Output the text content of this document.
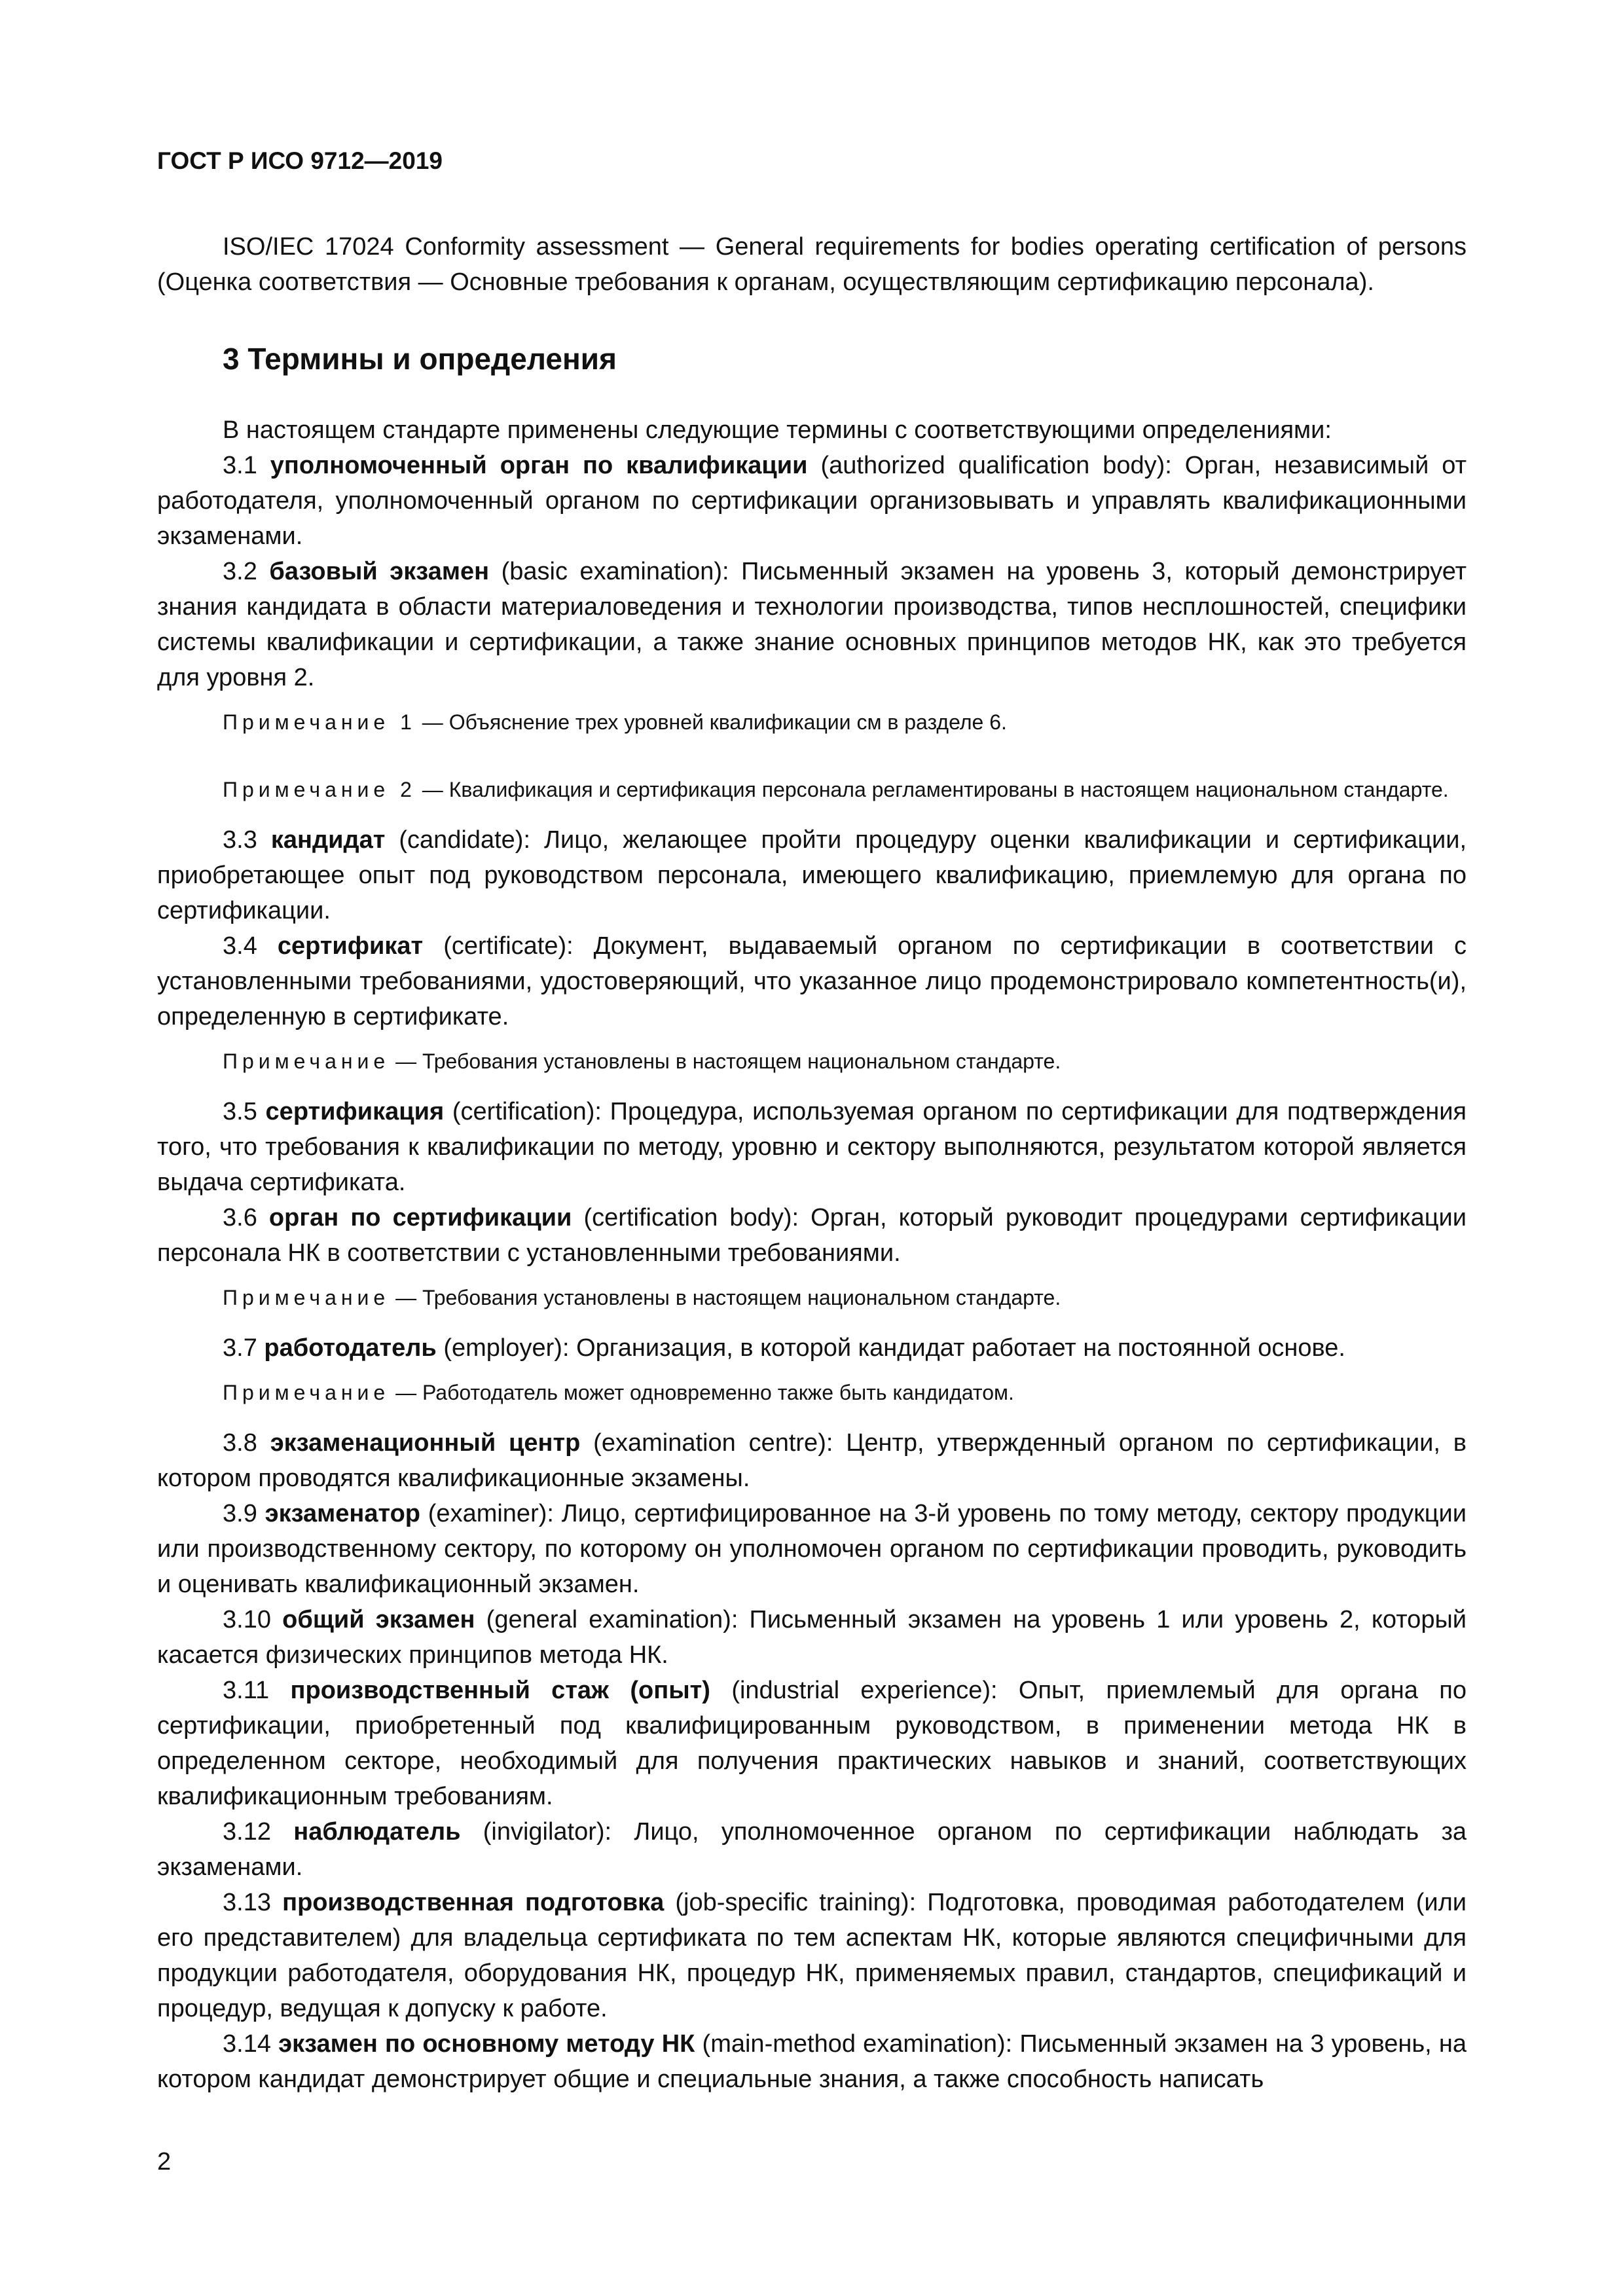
ГОСТ Р ИСО 9712—2019

ISO/IEC 17024 Conformity assessment — General requirements for bodies operating certification of persons (Оценка соответствия — Основные требования к органам, осуществляющим сертификацию персонала).

3 Термины и определения

В настоящем стандарте применены следующие термины с соответствующими определениями:

3.1 уполномоченный орган по квалификации (authorized qualification body): Орган, независимый от работодателя, уполномоченный органом по сертификации организовывать и управлять квалификационными экзаменами.

3.2 базовый экзамен (basic examination): Письменный экзамен на уровень 3, который демонстрирует знания кандидата в области материаловедения и технологии производства, типов несплошностей, специфики системы квалификации и сертификации, а также знание основных принципов методов НК, как это требуется для уровня 2.

Примечание 1 — Объяснение трех уровней квалификации см в разделе 6.

Примечание 2 — Квалификация и сертификация персонала регламентированы в настоящем национальном стандарте.

3.3 кандидат (candidate): Лицо, желающее пройти процедуру оценки квалификации и сертификации, приобретающее опыт под руководством персонала, имеющего квалификацию, приемлемую для органа по сертификации.

3.4 сертификат (certificate): Документ, выдаваемый органом по сертификации в соответствии с установленными требованиями, удостоверяющий, что указанное лицо продемонстрировало компетентность(и), определенную в сертификате.

Примечание — Требования установлены в настоящем национальном стандарте.

3.5 сертификация (certification): Процедура, используемая органом по сертификации для подтверждения того, что требования к квалификации по методу, уровню и сектору выполняются, результатом которой является выдача сертификата.

3.6 орган по сертификации (certification body): Орган, который руководит процедурами сертификации персонала НК в соответствии с установленными требованиями.

Примечание — Требования установлены в настоящем национальном стандарте.

3.7 работодатель (employer): Организация, в которой кандидат работает на постоянной основе.

Примечание — Работодатель может одновременно также быть кандидатом.

3.8 экзаменационный центр (examination centre): Центр, утвержденный органом по сертификации, в котором проводятся квалификационные экзамены.

3.9 экзаменатор (examiner): Лицо, сертифицированное на 3-й уровень по тому методу, сектору продукции или производственному сектору, по которому он уполномочен органом по сертификации проводить, руководить и оценивать квалификационный экзамен.

3.10 общий экзамен (general examination): Письменный экзамен на уровень 1 или уровень 2, который касается физических принципов метода НК.

3.11 производственный стаж (опыт) (industrial experience): Опыт, приемлемый для органа по сертификации, приобретенный под квалифицированным руководством, в применении метода НК в определенном секторе, необходимый для получения практических навыков и знаний, соответствующих квалификационным требованиям.

3.12 наблюдатель (invigilator): Лицо, уполномоченное органом по сертификации наблюдать за экзаменами.

3.13 производственная подготовка (job-specific training): Подготовка, проводимая работодателем (или его представителем) для владельца сертификата по тем аспектам НК, которые являются специфичными для продукции работодателя, оборудования НК, процедур НК, применяемых правил, стандартов, спецификаций и процедур, ведущая к допуску к работе.

3.14 экзамен по основному методу НК (main-method examination): Письменный экзамен на 3 уровень, на котором кандидат демонстрирует общие и специальные знания, а также способность написать

2
